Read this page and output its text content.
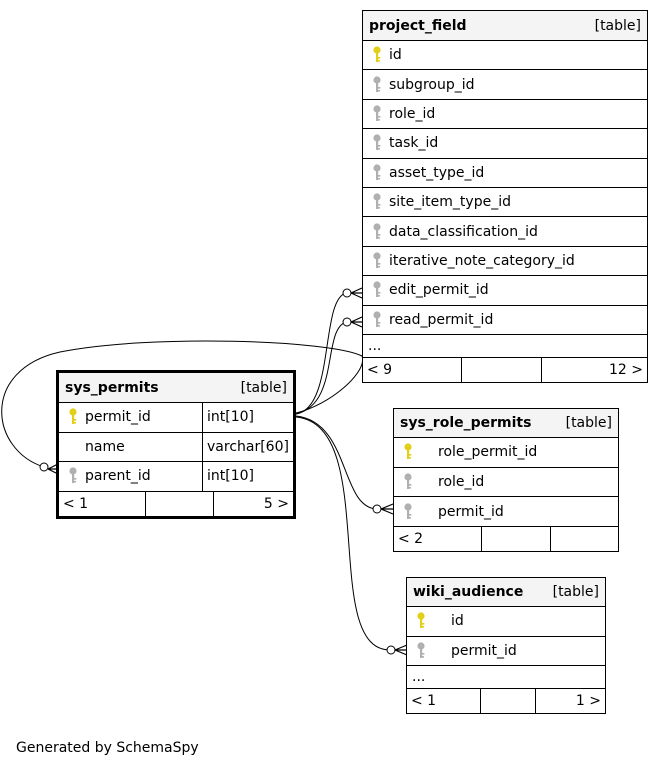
project_field	[table]
id
subgroup_id
role_id
task_id
asset_type_id
site_item_type_id
data_classification_id
iterative_note_category_id
edit_permit_id
read_permit_id
...
< 9	12 >
sys_permits	[table]
permit_id	int[10]
name	varchar[60]
parent_id	int[10]
< 1	5 >
sys_role_permits [table]
role_permit_id
role_id
permit_id
< 2
wiki_audience [table]
id
permit_id
...
< 1	1 >
Generated by SchemaSpy
